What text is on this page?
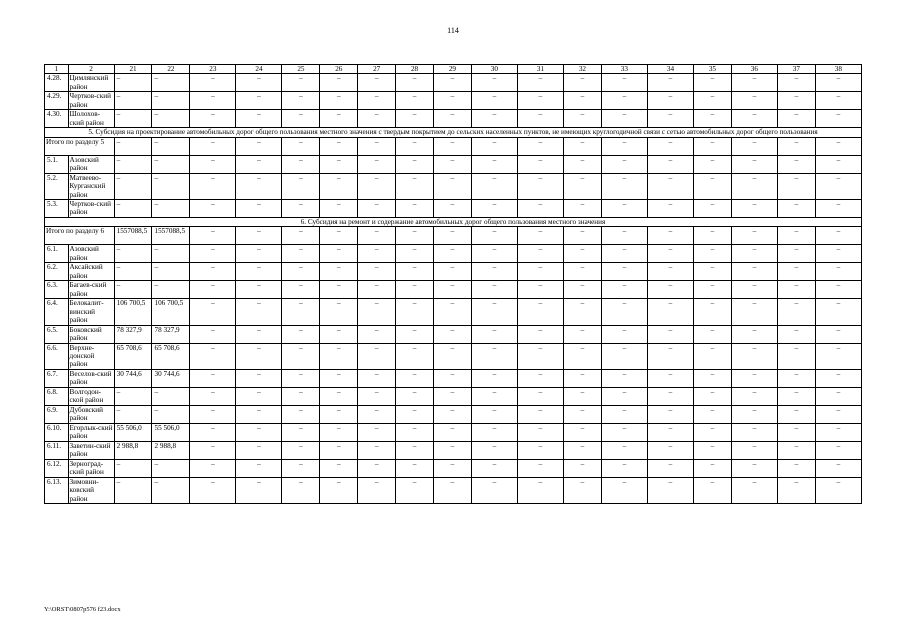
114
1	2	21	22	23	24	25	26	27	28	29	30	31	32	33	34	35	36	37	38
4.28.	Цимлянский район	–	–	–	–	–	–	–	–	–	–	–	–	–	–	–	–	–	–
4.29.	Чертков-ский район	–	–	–	–	–	–	–	–	–	–	–	–	–	–	–	–	–	–
4.30.	Шолохов-ский район	–	–	–	–	–	–	–	–	–	–	–	–	–	–	–	–	–	–
5. Субсидия на проектирование автомобильных дорог общего пользования местного значения с твердым покрытием до сельских населенных пунктов, не имеющих круглогодичной связи с сетью автомобильных дорог общего пользования																			
Итого по разделу 5		–	–	–	–	–	–	–	–	–	–	–	–	–	–	–	–	–	–
5.1.	Азовский район	–	–	–	–	–	–	–	–	–	–	–	–	–	–	–	–	–	–
5.2.	Матвеево-Курганский район	–	–	–	–	–	–	–	–	–	–	–	–	–	–	–	–	–	–
5.3.	Чертков-ский район	–	–	–	–	–	–	–	–	–	–	–	–	–	–	–	–	–	–
6. Субсидия на ремонт и содержание автомобильных дорог общего пользования местного значения																			
Итого по разделу 6		1557088,5	1557088,5	–	–	–	–	–	–	–	–	–	–	–	–	–	–	–	–
6.1.	Азовский район	–	–	–	–	–	–	–	–	–	–	–	–	–	–	–	–	–	–
6.2.	Аксайский район	–	–	–	–	–	–	–	–	–	–	–	–	–	–	–	–	–	–
6.3.	Багаев-ский район	–	–	–	–	–	–	–	–	–	–	–	–	–	–	–	–	–	–
6.4.	Белокалит-винский район	106 700,5	106 700,5	–	–	–	–	–	–	–	–	–	–	–	–	–	–	–	–
6.5.	Боковский район	78 327,9	78 327,9	–	–	–	–	–	–	–	–	–	–	–	–	–	–	–	–
6.6.	Верхне-донской район	65 708,6	65 708,6	–	–	–	–	–	–	–	–	–	–	–	–	–	–	–	–
6.7.	Веселов-ский район	30 744,6	30 744,6	–	–	–	–	–	–	–	–	–	–	–	–	–	–	–	–
6.8.	Волгодон-ской район	–	–	–	–	–	–	–	–	–	–	–	–	–	–	–	–	–	–
6.9.	Дубовский район	–	–	–	–	–	–	–	–	–	–	–	–	–	–	–	–	–	–
6.10.	Егорлык-ский район	55 506,0	55 506,0	–	–	–	–	–	–	–	–	–	–	–	–	–	–	–	–
6.11.	Заветин-ский район	2 988,8	2 988,8	–	–	–	–	–	–	–	–	–	–	–	–	–	–	–	–
6.12.	Зерноград-ский район	–	–	–	–	–	–	–	–	–	–	–	–	–	–	–	–	–	–
6.13.	Зимовни-ковский район	–	–	–	–	–	–	–	–	–	–	–	–	–	–	–	–	–	–
Y:\ORST\0807p576 f23.docx
